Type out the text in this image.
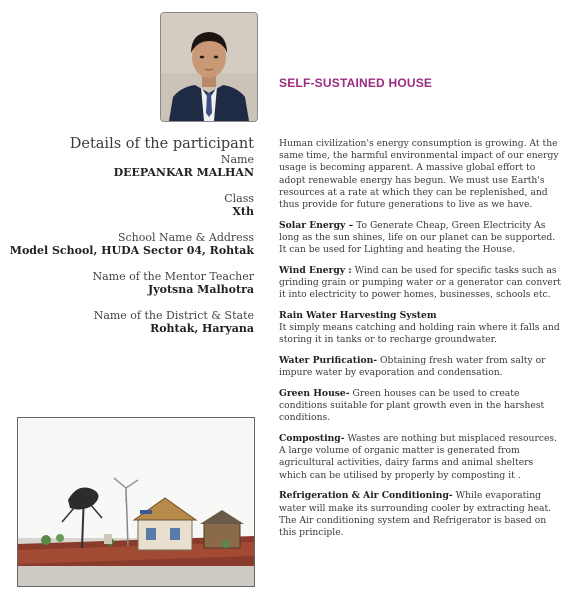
SELF-SUSTAINED HOUSE
Details of the participant
Name
DEEPANKAR MALHAN
Class
Xth
School Name & Address
Model School, HUDA Sector 04, Rohtak
Name of the Mentor Teacher
Jyotsna Malhotra
Name of the District & State
Rohtak, Haryana

Human civilization's energy consumption is growing. At the same time, the harmful environmental impact of our energy usage is becoming apparent. A massive global effort to adopt renewable energy has begun. We must use Earth's resources at a rate at which they can be replenished, and thus provide for future generations to live as we have.

Solar Energy – To Generate Cheap, Green Electricity As long as the sun shines, life on our planet can be supported. It can be used for Lighting and heating the House.

Wind Energy : Wind can be used for specific tasks such as grinding grain or pumping water or a generator can convert it into electricity to power homes, businesses, schools etc.

Rain Water Harvesting System
It simply means catching and holding rain where it falls and storing it in tanks or to recharge groundwater.

Water Purification- Obtaining fresh water from salty or impure water by evaporation and condensation.

Green House- Green houses can be used to create conditions suitable for plant growth even in the harshest conditions.

Composting- Wastes are nothing but misplaced resources. A large volume of organic matter is generated from agricultural activities, dairy farms and animal shelters which can be utilised by properly by composting it .

Refrigeration & Air Conditioning- While evaporating water will make its surrounding cooler by extracting heat. The Air conditioning system and Refrigerator is based on this principle.
